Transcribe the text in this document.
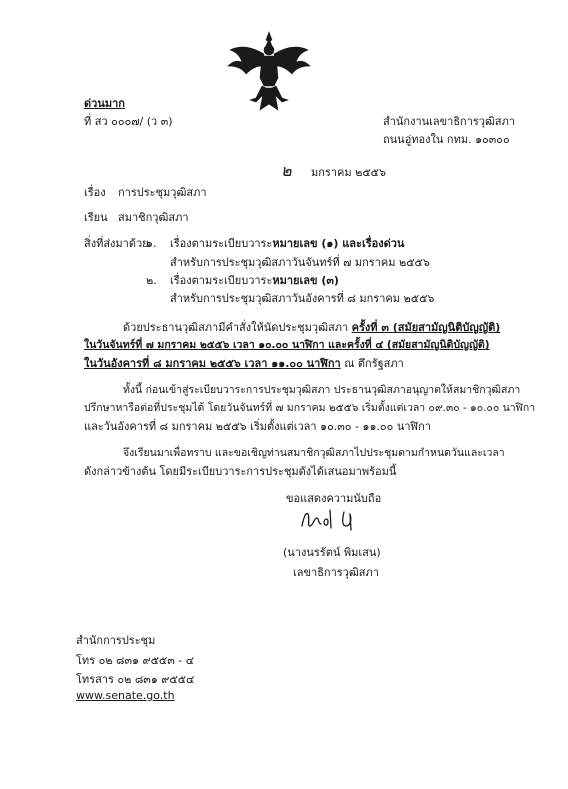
ด่วนมาก
ที่ สว ๐๐๐๗/ (ว ๓)	สำนักงานเลขาธิการวุฒิสภา
ถนนอู่ทองใน กทม. ๑๐๓๐๐
๒ มกราคม ๒๕๕๖
เรื่อง การประชุมวุฒิสภา
เรียน สมาชิกวุฒิสภา
สิ่งที่ส่งมาด้วย
๑. เรื่องตามระเบียบวาระหมายเลข (๑) และเรื่องด่วน
สำหรับการประชุมวุฒิสภาวันจันทร์ที่ ๗ มกราคม ๒๕๕๖
๒. เรื่องตามระเบียบวาระหมายเลข (๓)
สำหรับการประชุมวุฒิสภาวันอังคารที่ ๘ มกราคม ๒๕๕๖
ด้วยประธานวุฒิสภามีคำสั่งให้นัดประชุมวุฒิสภา ครั้งที่ ๓ (สมัยสามัญนิติบัญญัติ)
ในวันจันทร์ที่ ๗ มกราคม ๒๕๕๖ เวลา ๑๐.๐๐ นาฬิกา และครั้งที่ ๔ (สมัยสามัญนิติบัญญัติ)
ในวันอังคารที่ ๘ มกราคม ๒๕๕๖ เวลา ๑๑.๐๐ นาฬิกา ณ ตึกรัฐสภา
ทั้งนี้ ก่อนเข้าสู่ระเบียบวาระการประชุมวุฒิสภา ประธานวุฒิสภาอนุญาตให้สมาชิกวุฒิสภา
ปรึกษาหารือต่อที่ประชุมได้ โดยวันจันทร์ที่ ๗ มกราคม ๒๕๕๖ เริ่มตั้งแต่เวลา ๐๙.๓๐ - ๑๐.๐๐ นาฬิกา
และวันอังคารที่ ๘ มกราคม ๒๕๕๖ เริ่มตั้งแต่เวลา ๑๐.๓๐ - ๑๑.๐๐ นาฬิกา
จึงเรียนมาเพื่อทราบ และขอเชิญท่านสมาชิกวุฒิสภาไปประชุมตามกำหนดวันและเวลา
ดังกล่าวข้างต้น โดยมีระเบียบวาระการประชุมดังได้เสนอมาพร้อมนี้
ขอแสดงความนับถือ
(นางนรรัตน์ พิมเสน)
เลขาธิการวุฒิสภา
สำนักการประชุม
โทร ๐๒ ๘๓๑ ๙๕๕๓ - ๔
โทรสาร ๐๒ ๘๓๑ ๙๕๕๔
www.senate.go.th
